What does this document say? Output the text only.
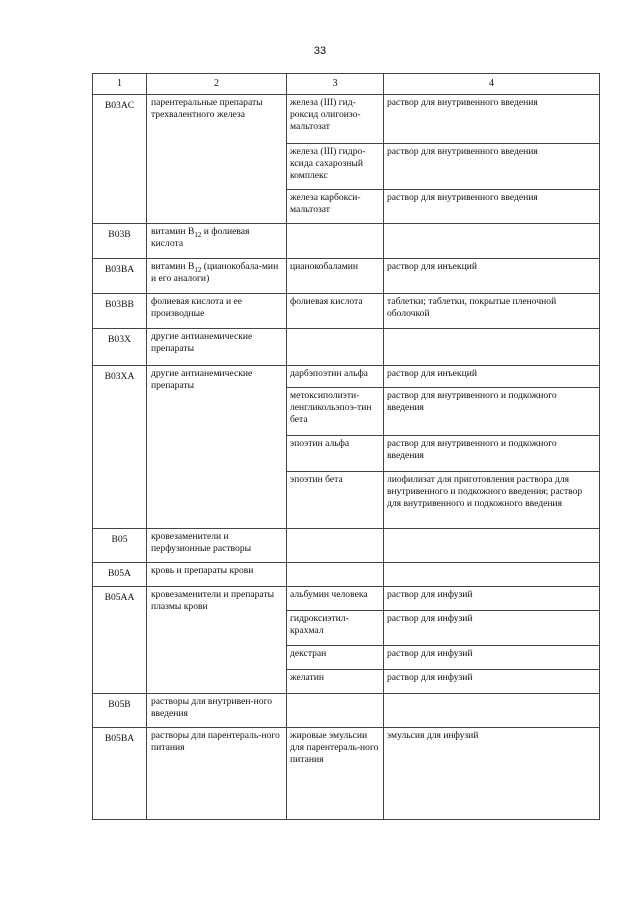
33
1	2	3	4
B03AC	парентеральные препараты трехвалентного железа	железа (III) гид-роксид олигоизо-мальтозат	раствор для внутривенного введения
		железа (III) гидро-ксида сахарозный комплекс	раствор для внутривенного введения
		железа карбокси-мальтозат	раствор для внутривенного введения
B03B	витамин $B_{12}$ и фолиевая кислота		
B03BA	витамин $B_{12}$ (цианокобала-мин и его аналоги)	цианокобаламин	раствор для инъекций
B03BB	фолиевая кислота и ее производные	фолиевая кислота	таблетки; таблетки, покрытые пленочной оболочкой
B03X	другие антианемические препараты		
B03XA	другие антианемические препараты	дарбэпоэтин альфа	раствор для инъекций
		метоксиполиэти-ленгликольэпоэ-тин бета	раствор для внутривенного и подкожного введения
		эпоэтин альфа	раствор для внутривенного и подкожного введения
		эпоэтин бета	лиофилизат для приготовления раствора для внутривенного и подкожного введения; раствор для внутривенного и подкожного введения
B05	кровезаменители и перфузионные растворы		
B05A	кровь и препараты крови		
B05AA	кровезаменители и препараты плазмы крови	альбумин человека	раствор для инфузий
		гидроксиэтил-крахмал	раствор для инфузий
		декстран	раствор для инфузий
		желатин	раствор для инфузий
B05B	растворы для внутривен-ного введения		
B05BA	растворы для парентераль-ного питания	жировые эмульсии для парентераль-ного питания	эмульсия для инфузий
